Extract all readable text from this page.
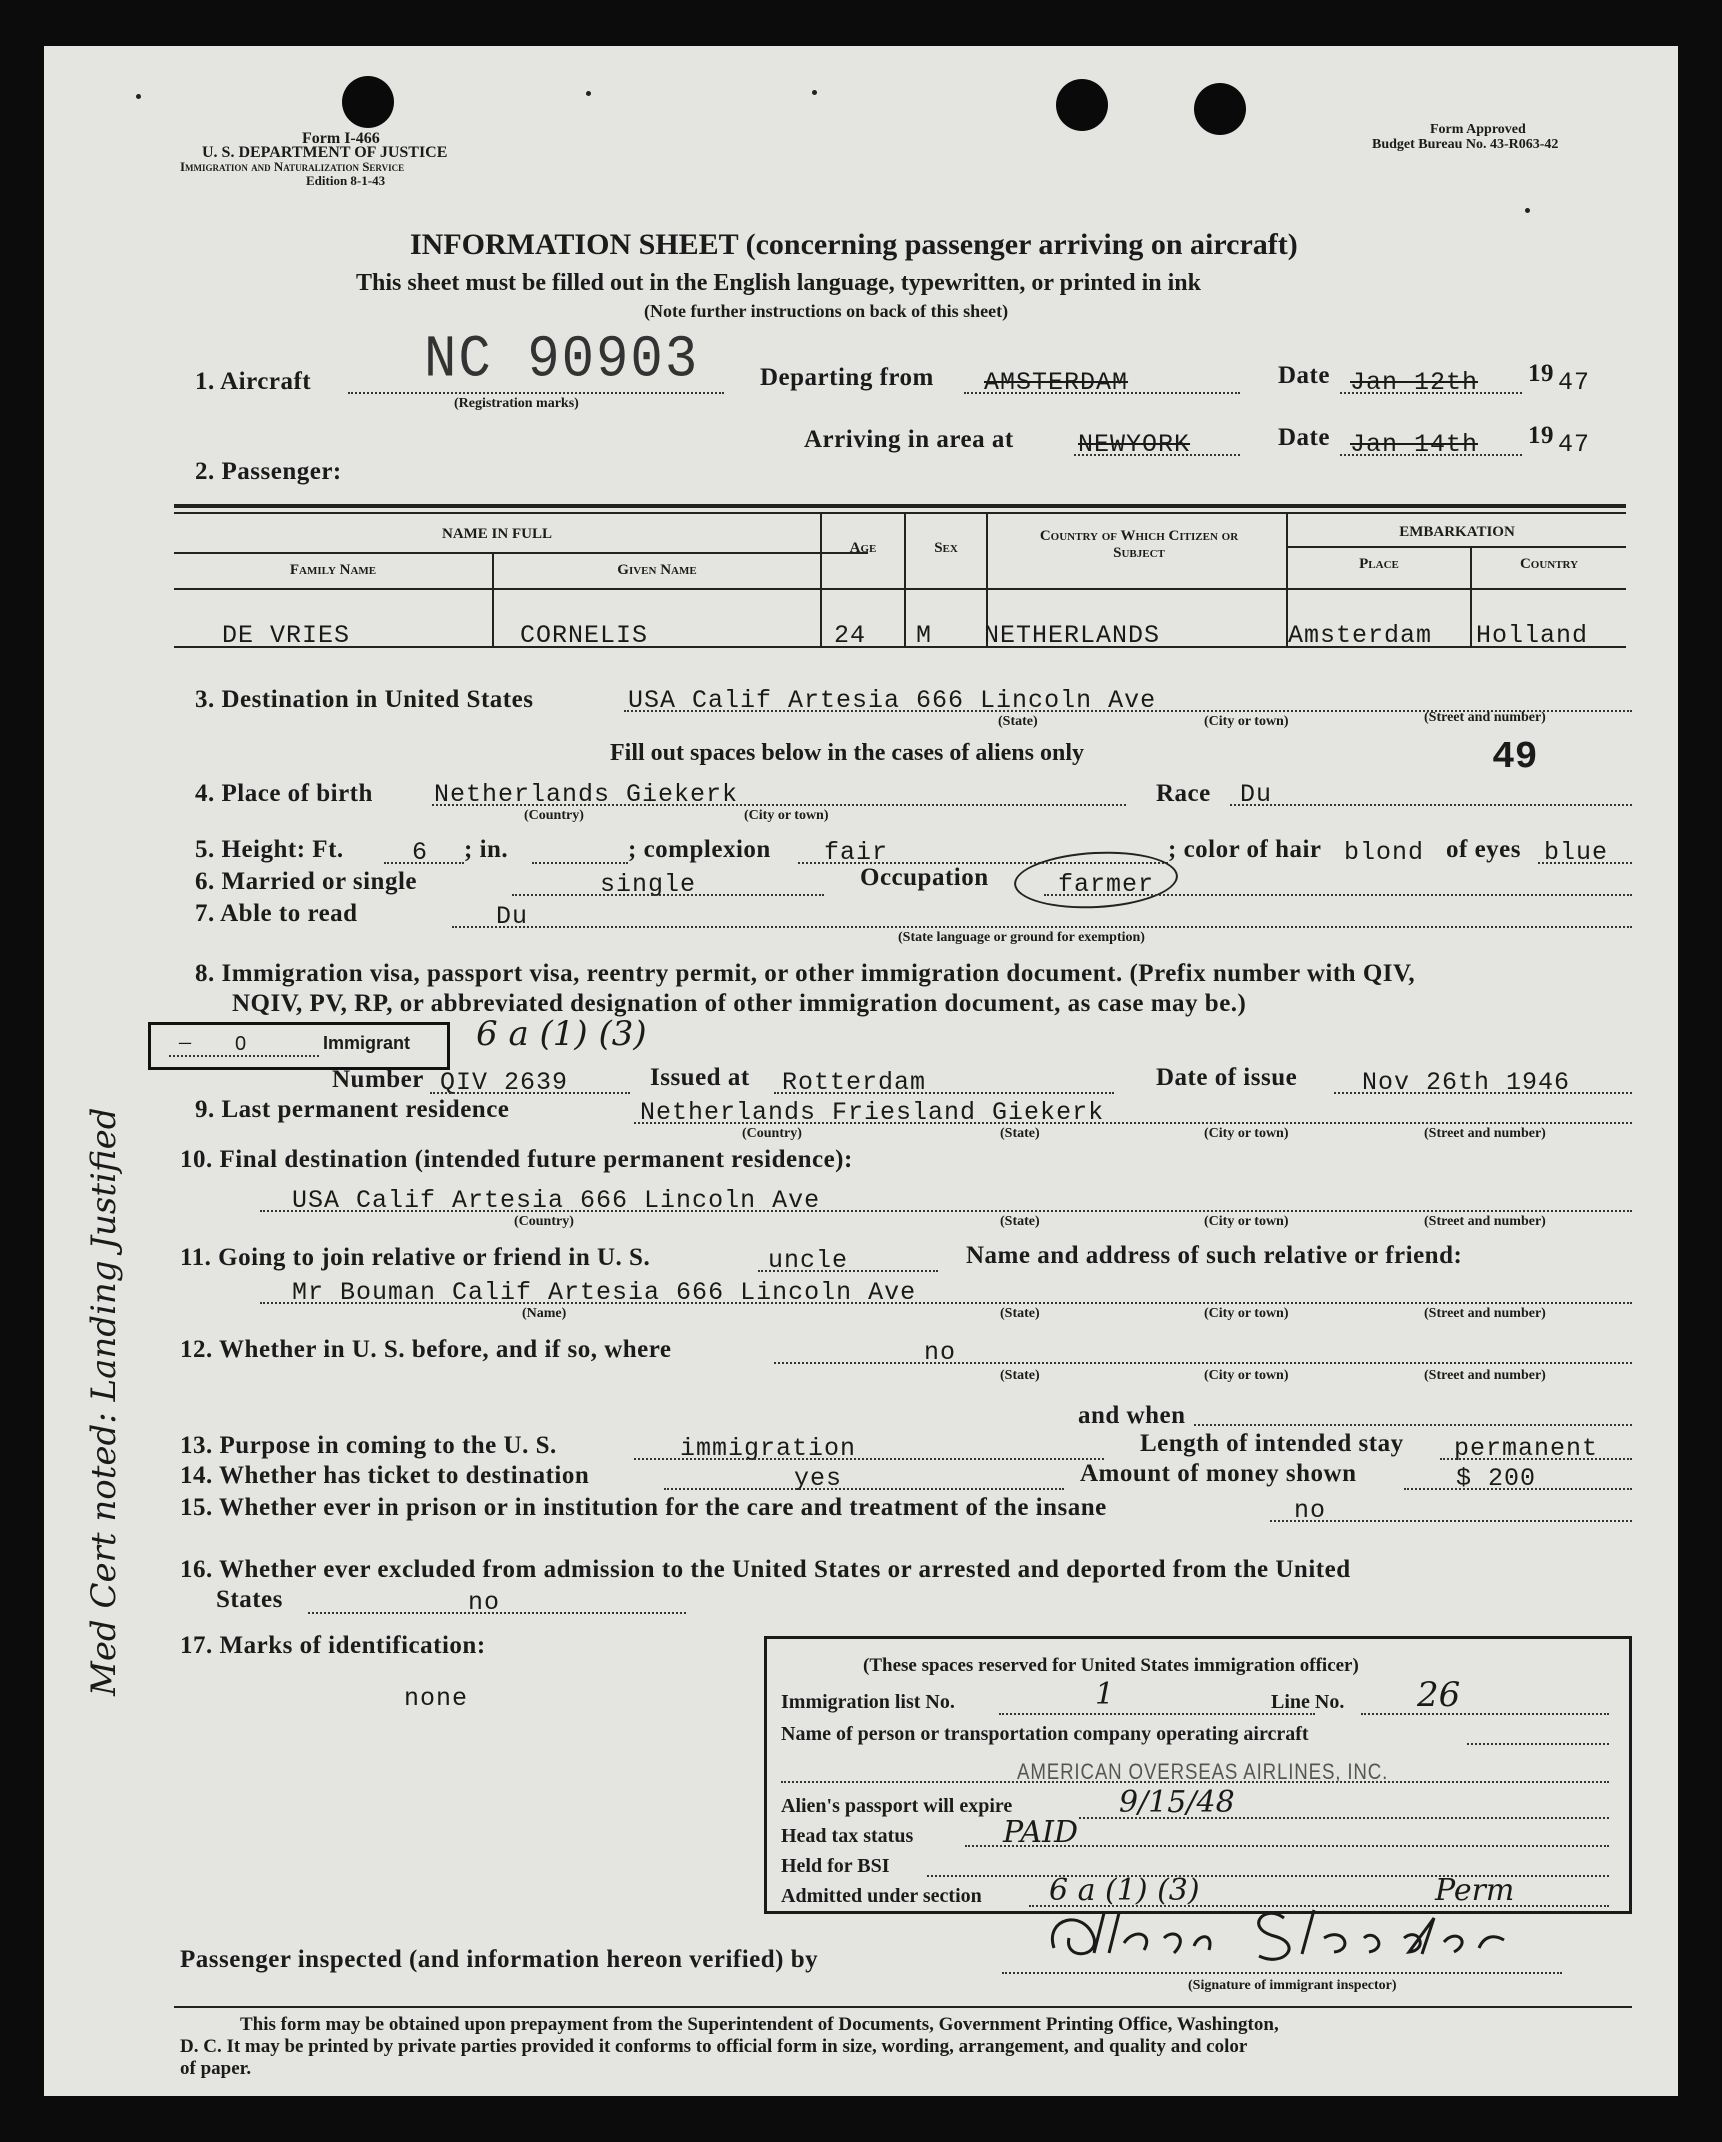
Form I-466
U. S. DEPARTMENT OF JUSTICE
Immigration and Naturalization Service
Edition 8-1-43
Form Approved
Budget Bureau No. 43-R063-42
INFORMATION SHEET (concerning passenger arriving on aircraft)
This sheet must be filled out in the English language, typewritten, or printed in ink
(Note further instructions on back of this sheet)
1. Aircraft NC 90903
(Registration marks)
Departing from AMSTERDAM	Date Jan 12th 19 47
Arriving in area at	NEWYORK	Date Jan 14th 19 47
2. Passenger:
NAME IN FULL
Family Name	Given Name
Age	Sex
Country of Which Citizen or Subject
EMBARKATION
Place	Country
DE VRIES	CORNELIS	24 M NETHERLANDS	Amsterdam Holland
3. Destination in United States	USA Calif Artesia 666 Lincoln Ave
(State)	(City or town)	(Street and number)
Fill out spaces below in the cases of aliens only	49
4. Place of birth Netherlands Giekerk
(Country)	(City or town)
Race Du
5. Height: Ft.	6 ; in.	; complexion fair	; color of hair blond of eyes blue
6. Married or single	single	Occupation	farmer
7. Able to read	Du
(State language or ground for exemption)
8. Immigration visa, passport visa, reentry permit, or other immigration document. (Prefix number with QIV,
NQIV, PV, RP, or abbreviated designation of other immigration document, as case may be.)
6 a (1) (3)
– 0	Immigrant
Number QIV 2639	Issued at Rotterdam	Date of issue	Nov 26th 1946
9. Last permanent residence	Netherlands Friesland Giekerk
(Country)	(State)	(City or town)	(Street and number)
10. Final destination (intended future permanent residence):
USA Calif Artesia 666 Lincoln Ave
(Country)	(State)	(City or town)	(Street and number)
11. Going to join relative or friend in U. S.	uncle	Name and address of such relative or friend:
Mr Bouman Calif Artesia 666 Lincoln Ave
(Name)	(State)	(City or town)	(Street and number)
12. Whether in U. S. before, and if so, where	no
(State)	(City or town)	(Street and number)
and when
13. Purpose in coming to the U. S.	immigration	Length of intended stay permanent
14. Whether has ticket to destination	yes	Amount of money shown	$ 200
15. Whether ever in prison or in institution for the care and treatment of the insane	no
16. Whether ever excluded from admission to the United States or arrested and deported from the United
States	no
17. Marks of identification:
none
(These spaces reserved for United States immigration officer)
Immigration list No.	1	Line No. 26
Name of person or transportation company operating aircraft
AMERICAN OVERSEAS AIRLINES, INC.
Alien's passport will expire	9/15/48
Head tax status	PAID
Held for BSI
Admitted under section 6 a (1) (3)	Perm
Passenger inspected (and information hereon verified) by
(Signature of immigrant inspector)
This form may be obtained upon prepayment from the Superintendent of Documents, Government Printing Office, Washington,
D. C. It may be printed by private parties provided it conforms to official form in size, wording, arrangement, and quality and color
of paper.
Med Cert noted: Landing Justified
